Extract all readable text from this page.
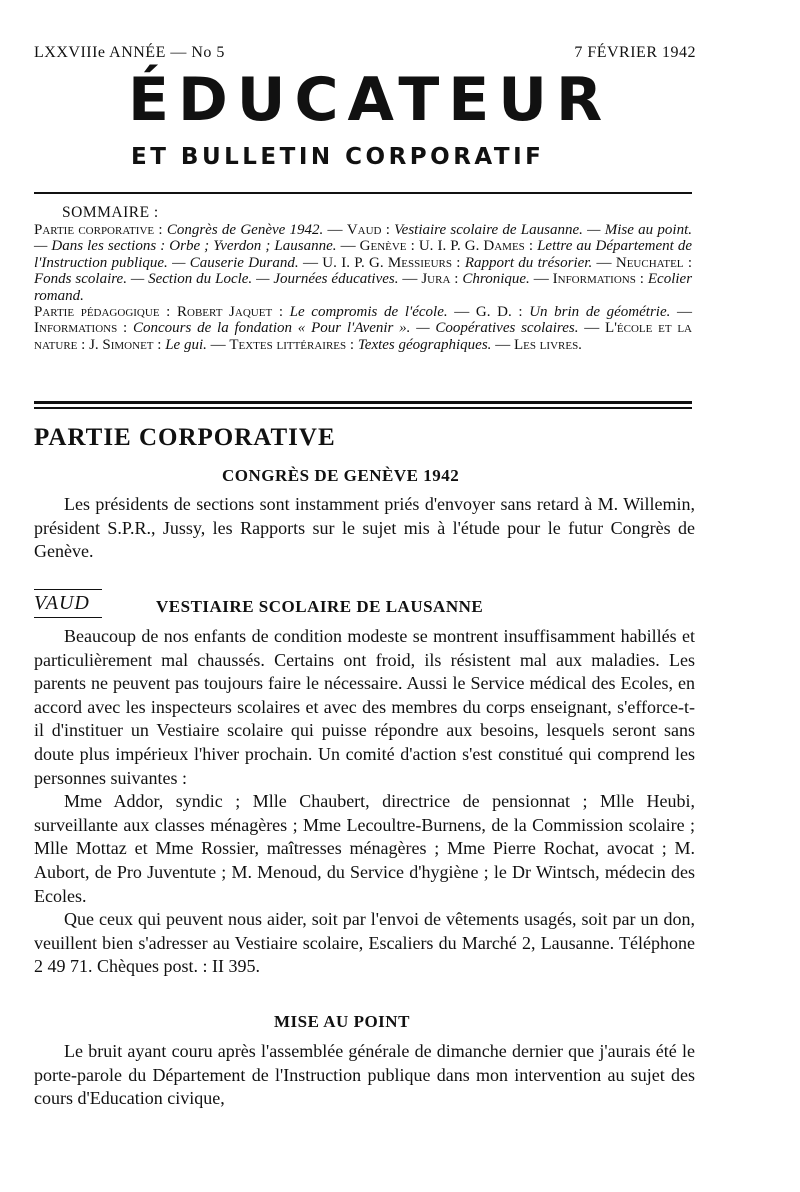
LXXVIIIe ANNÉE — No 5	7 FÉVRIER 1942
ÉDUCATEUR
ET BULLETIN CORPORATIF
SOMMAIRE :

Partie corporative : Congrès de Genève 1942. — Vaud : Vestiaire scolaire de Lausanne. — Mise au point. — Dans les sections : Orbe ; Yverdon ; Lausanne. — Genève : U. I. P. G. Dames : Lettre au Département de l'Instruction publique. — Causerie Durand. — U. I. P. G. Messieurs : Rapport du trésorier. — Neuchatel : Fonds scolaire. — Section du Locle. — Journées éducatives. — Jura : Chronique. — Informations : Ecolier romand.

Partie pédagogique : Robert Jaquet : Le compromis de l'école. — G. D. : Un brin de géométrie. — Informations : Concours de la fondation « Pour l'Avenir ». — Coopératives scolaires. — L'école et la nature : J. Simonet : Le gui. — Textes littéraires : Textes géographiques. — Les livres.

PARTIE CORPORATIVE
CONGRÈS DE GENÈVE 1942

Les présidents de sections sont instamment priés d'envoyer sans retard à M. Willemin, président S.P.R., Jussy, les Rapports sur le sujet mis à l'étude pour le futur Congrès de Genève.

VAUD	VESTIAIRE SCOLAIRE DE LAUSANNE

Beaucoup de nos enfants de condition modeste se montrent insuffisamment habillés et particulièrement mal chaussés. Certains ont froid, ils résistent mal aux maladies. Les parents ne peuvent pas toujours faire le nécessaire. Aussi le Service médical des Ecoles, en accord avec les inspecteurs scolaires et avec des membres du corps enseignant, s'efforce-t-il d'instituer un Vestiaire scolaire qui puisse répondre aux besoins, lesquels seront sans doute plus impérieux l'hiver prochain. Un comité d'action s'est constitué qui comprend les personnes suivantes :

Mme Addor, syndic ; Mlle Chaubert, directrice de pensionnat ; Mlle Heubi, surveillante aux classes ménagères ; Mme Lecoultre-Burnens, de la Commission scolaire ; Mlle Mottaz et Mme Rossier, maîtresses ménagères ; Mme Pierre Rochat, avocat ; M. Aubort, de Pro Juventute ; M. Menoud, du Service d'hygiène ; le Dr Wintsch, médecin des Ecoles.

Que ceux qui peuvent nous aider, soit par l'envoi de vêtements usagés, soit par un don, veuillent bien s'adresser au Vestiaire scolaire, Escaliers du Marché 2, Lausanne. Téléphone 2 49 71. Chèques post. : II 395.

MISE AU POINT

Le bruit ayant couru après l'assemblée générale de dimanche dernier que j'aurais été le porte-parole du Département de l'Instruction publique dans mon intervention au sujet des cours d'Education civique,
